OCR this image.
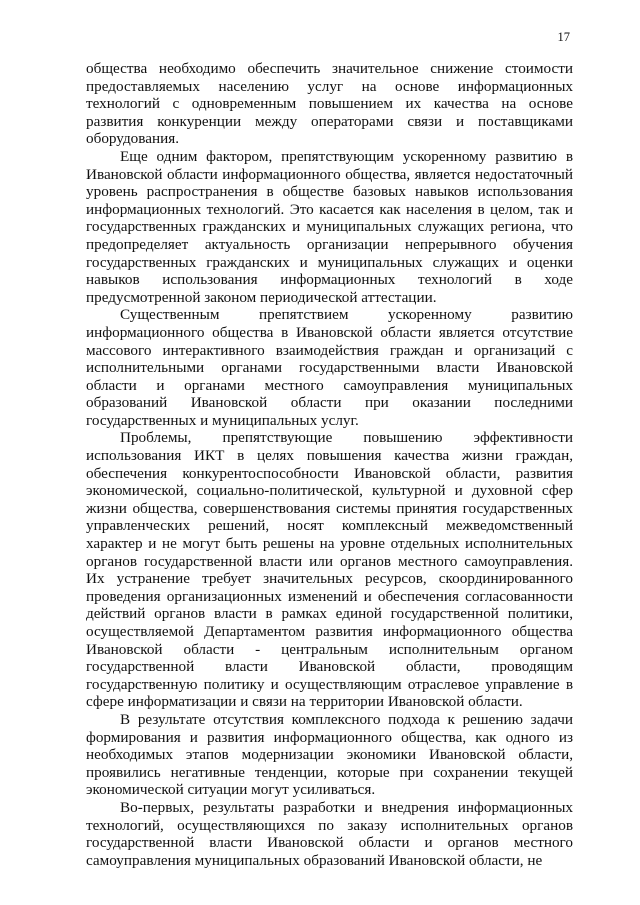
17

общества необходимо обеспечить значительное снижение стоимости предоставляемых населению услуг на основе информационных технологий с одновременным повышением их качества на основе развития конкуренции между операторами связи и поставщиками оборудования.

Еще одним фактором, препятствующим ускоренному развитию в Ивановской области информационного общества, является недостаточный уровень распространения в обществе базовых навыков использования информационных технологий. Это касается как населения в целом, так и государственных гражданских и муниципальных служащих региона, что предопределяет актуальность организации непрерывного обучения государственных гражданских и муниципальных служащих и оценки навыков использования информационных технологий в ходе предусмотренной законом периодической аттестации.

Существенным препятствием ускоренному развитию информационного общества в Ивановской области является отсутствие массового интерактивного взаимодействия граждан и организаций с исполнительными органами государственными власти Ивановской области и органами местного самоуправления муниципальных образований Ивановской области при оказании последними государственных и муниципальных услуг.

Проблемы, препятствующие повышению эффективности использования ИКТ в целях повышения качества жизни граждан, обеспечения конкурентоспособности Ивановской области, развития экономической, социально-политической, культурной и духовной сфер жизни общества, совершенствования системы принятия государственных управленческих решений, носят комплексный межведомственный характер и не могут быть решены на уровне отдельных исполнительных органов государственной власти или органов местного самоуправления. Их устранение требует значительных ресурсов, скоординированного проведения организационных изменений и обеспечения согласованности действий органов власти в рамках единой государственной политики, осуществляемой Департаментом развития информационного общества Ивановской области - центральным исполнительным органом государственной власти Ивановской области, проводящим государственную политику и осуществляющим отраслевое управление в сфере информатизации и связи на территории Ивановской области.

В результате отсутствия комплексного подхода к решению задачи формирования и развития информационного общества, как одного из необходимых этапов модернизации экономики Ивановской области, проявились негативные тенденции, которые при сохранении текущей экономической ситуации могут усиливаться.

Во-первых, результаты разработки и внедрения информационных технологий, осуществляющихся по заказу исполнительных органов государственной власти Ивановской области и органов местного самоуправления муниципальных образований Ивановской области, не
